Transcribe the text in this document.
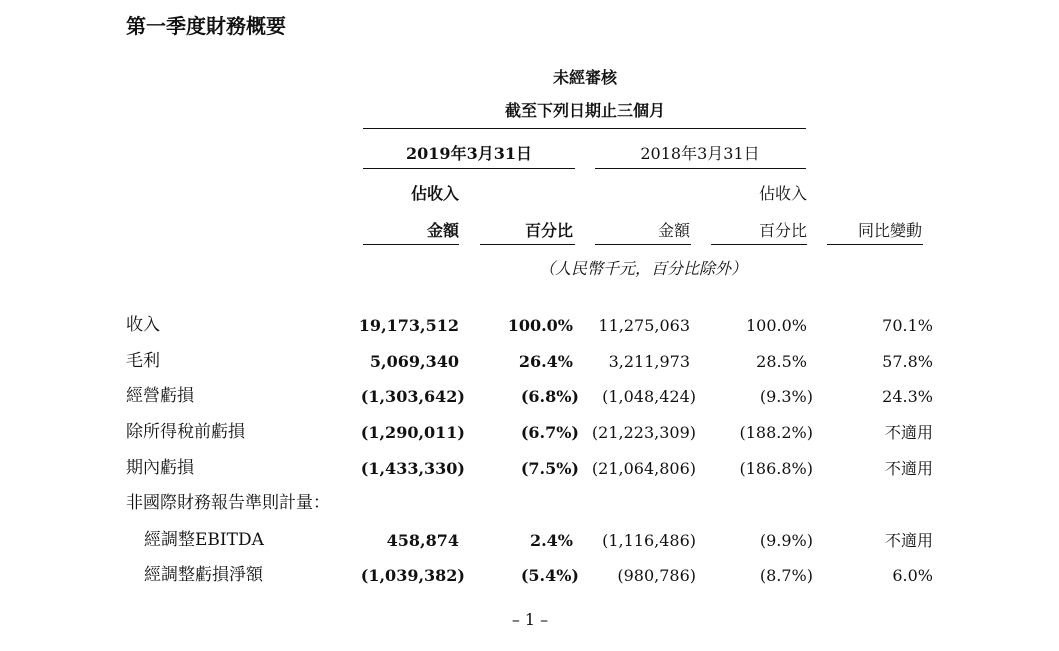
第一季度財務概要
未經審核
截至下列日期止三個月
2019年3月31日	2018年3月31日
佔收入	佔收入
金額	百分比	金額	百分比	同比變動
（人民幣千元，百分比除外）
收入	19,173,512	100.0% 11,275,063	100.0%	70.1%
毛利	5,069,340	26.4% 3,211,973	28.5%	57.8%
經營虧損	(1,303,642)	(6.8%) (1,048,424)	(9.3%)	24.3%
除所得稅前虧損	(1,290,011)	(6.7%) (21,223,309)	(188.2%)	不適用
期內虧損	(1,433,330)	(7.5%) (21,064,806)	(186.8%)	不適用
非國際財務報告準則計量：
經調整EBITDA	458,874	2.4% (1,116,486)	(9.9%)	不適用
經調整虧損淨額	(1,039,382)	(5.4%) (980,786)	(8.7%)	6.0%
– 1 –
